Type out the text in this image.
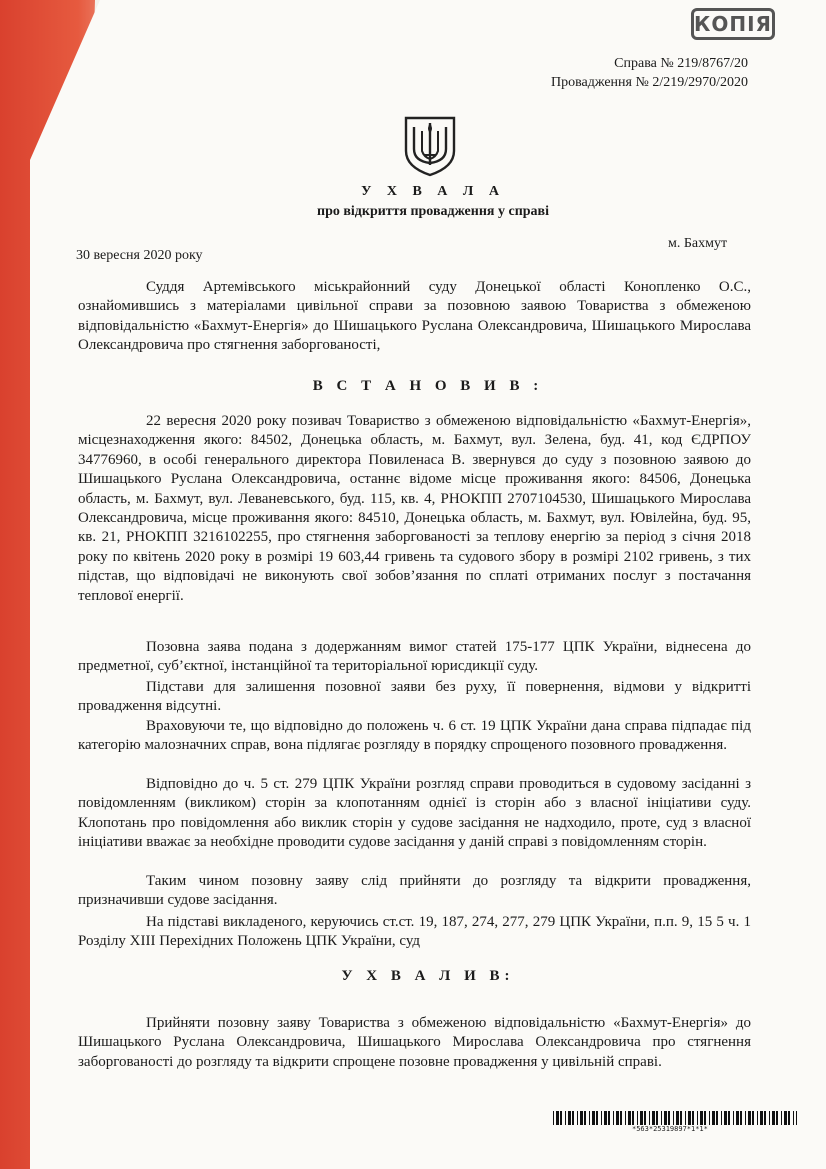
КОПІЯ
Справа № 219/8767/20
Провадження № 2/219/2970/2020
У Х В А Л А
про відкриття провадження у справі
30 вересня 2020 року
м. Бахмут

Суддя Артемівського міськрайонний суду Донецької області Конопленко О.С., ознайомившись з матеріалами цивільної справи за позовною заявою Товариства з обмеженою відповідальністю «Бахмут-Енергія» до Шишацького Руслана Олександровича, Шишацького Мирослава Олександровича про стягнення заборгованості,

В С Т А Н О В И В :

22 вересня 2020 року позивач Товариство з обмеженою відповідальністю «Бахмут-Енергія», місцезнаходження якого: 84502, Донецька область, м. Бахмут, вул. Зелена, буд. 41, код ЄДРПОУ 34776960, в особі генерального директора Повиленаса В. звернувся до суду з позовною заявою до Шишацького Руслана Олександровича, останнє відоме місце проживання якого: 84506, Донецька область, м. Бахмут, вул. Леваневського, буд. 115, кв. 4, РНОКПП 2707104530, Шишацького Мирослава Олександровича, місце проживання якого: 84510, Донецька область, м. Бахмут, вул. Ювілейна, буд. 95, кв. 21, РНОКПП 3216102255, про стягнення заборгованості за теплову енергію за період з січня 2018 року по квітень 2020 року в розмірі 19 603,44 гривень та судового збору в розмірі 2102 гривень, з тих підстав, що відповідачі не виконують свої зобов’язання по сплаті отриманих послуг з постачання теплової енергії.

Позовна заява подана з додержанням вимог статей 175-177 ЦПК України, віднесена до предметної, суб’єктної, інстанційної та територіальної юрисдикції суду.

Підстави для залишення позовної заяви без руху, її повернення, відмови у відкритті провадження відсутні.

Враховуючи те, що відповідно до положень ч. 6 ст. 19 ЦПК України дана справа підпадає під категорію малозначних справ, вона підлягає розгляду в порядку спрощеного позовного провадження.

Відповідно до ч. 5 ст. 279 ЦПК України розгляд справи проводиться в судовому засіданні з повідомленням (викликом) сторін за клопотанням однієї із сторін або з власної ініціативи суду. Клопотань про повідомлення або виклик сторін у судове засідання не надходило, проте, суд з власної ініціативи вважає за необхідне проводити судове засідання у даній справі з повідомленням сторін.

Таким чином позовну заяву слід прийняти до розгляду та відкрити провадження, призначивши судове засідання.

На підставі викладеного, керуючись ст.ст. 19, 187, 274, 277, 279 ЦПК України, п.п. 9, 15 5 ч. 1 Розділу ХІІІ Перехідних Положень ЦПК України, суд

У Х В А Л И В:

Прийняти позовну заяву Товариства з обмеженою відповідальністю «Бахмут-Енергія» до Шишацького Руслана Олександровича, Шишацького Мирослава Олександровича про стягнення заборгованості до розгляду та відкрити спрощене позовне провадження у цивільній справі.

*563*25319897*1*1*
